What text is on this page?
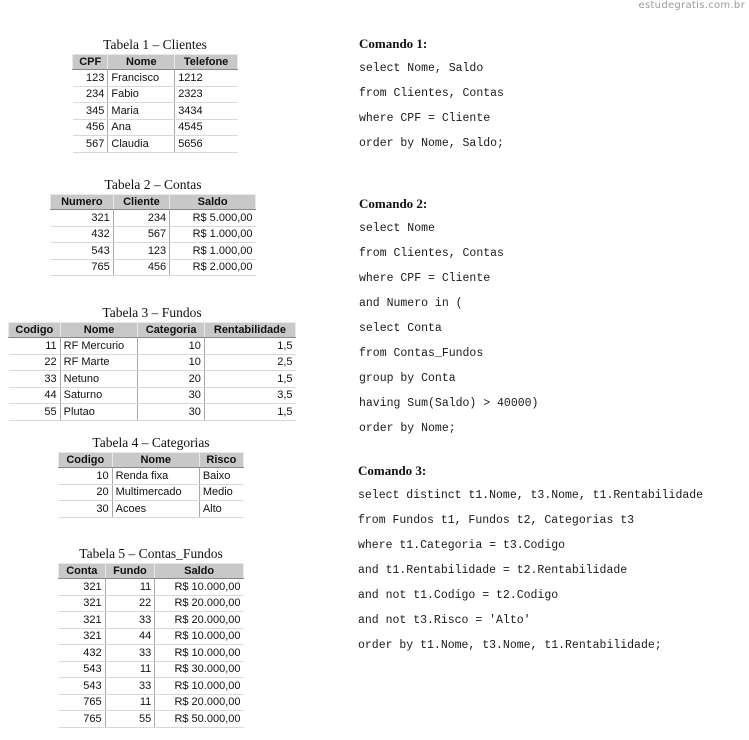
estudegratis.com.br
Tabela 1 – Clientes
CPF	Nome	Telefone
123	Francisco	1212
234	Fabio	2323
345	Maria	3434
456	Ana	4545
567	Claudia	5656
Tabela 2 – Contas
Numero	Cliente	Saldo
321	234	R$ 5.000,00
432	567	R$ 1.000,00
543	123	R$ 1.000,00
765	456	R$ 2.000,00
Tabela 3 – Fundos
Codigo	Nome	Categoria	Rentabilidade
11	RF Mercurio	10	1,5
22	RF Marte	10	2,5
33	Netuno	20	1,5
44	Saturno	30	3,5
55	Plutao	30	1,5
Tabela 4 – Categorias
Codigo	Nome	Risco
10	Renda fixa	Baixo
20	Multimercado	Medio
30	Acoes	Alto
Tabela 5 – Contas_Fundos
Conta	Fundo	Saldo
321	11	R$ 10.000,00
321	22	R$ 20.000,00
321	33	R$ 20.000,00
321	44	R$ 10.000,00
432	33	R$ 10.000,00
543	11	R$ 30.000,00
543	33	R$ 10.000,00
765	11	R$ 20.000,00
765	55	R$ 50.000,00
Comando 1:
select Nome, Saldo
from Clientes, Contas
where CPF = Cliente
order by Nome, Saldo;
Comando 2:
select Nome
from Clientes, Contas
where CPF = Cliente
and Numero in (
select Conta
from Contas_Fundos
group by Conta
having Sum(Saldo) > 40000)
order by Nome;
Comando 3:
select distinct t1.Nome, t3.Nome, t1.Rentabilidade
from Fundos t1, Fundos t2, Categorias t3
where t1.Categoria = t3.Codigo
and t1.Rentabilidade = t2.Rentabilidade
and not t1.Codigo = t2.Codigo
and not t3.Risco = 'Alto'
order by t1.Nome, t3.Nome, t1.Rentabilidade;
